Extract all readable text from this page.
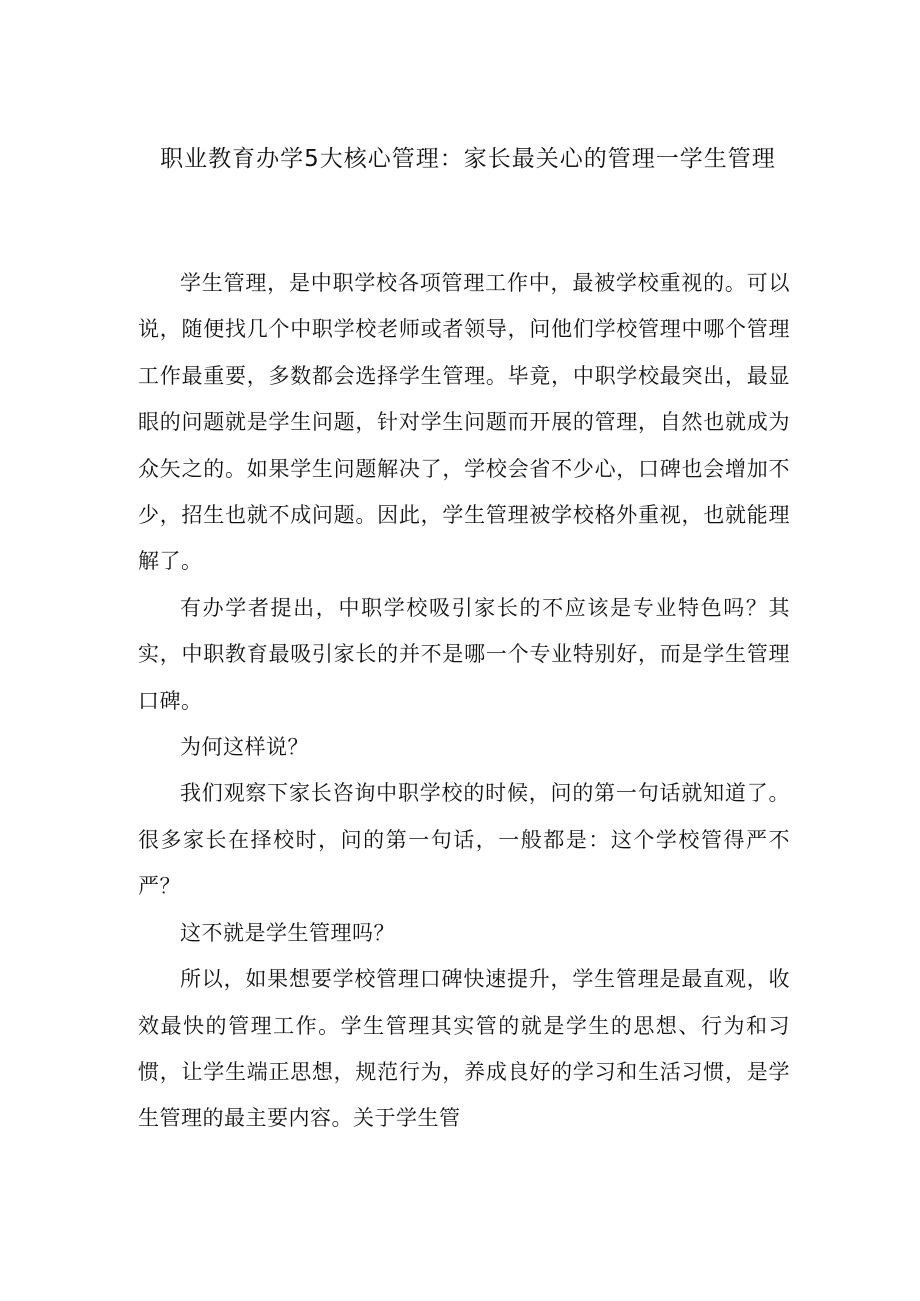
职业教育办学5大核心管理：家长最关心的管理一学生管理

学生管理，是中职学校各项管理工作中，最被学校重视的。可以说，随便找几个中职学校老师或者领导，问他们学校管理中哪个管理工作最重要，多数都会选择学生管理。毕竟，中职学校最突出，最显眼的问题就是学生问题，针对学生问题而开展的管理，自然也就成为众矢之的。如果学生问题解决了，学校会省不少心，口碑也会增加不少，招生也就不成问题。因此，学生管理被学校格外重视，也就能理解了。

有办学者提出，中职学校吸引家长的不应该是专业特色吗？其实，中职教育最吸引家长的并不是哪一个专业特别好，而是学生管理口碑。

为何这样说？

我们观察下家长咨询中职学校的时候，问的第一句话就知道了。很多家长在择校时，问的第一句话，一般都是：这个学校管得严不严？

这不就是学生管理吗？

所以，如果想要学校管理口碑快速提升，学生管理是最直观，收效最快的管理工作。学生管理其实管的就是学生的思想、行为和习惯，让学生端正思想，规范行为，养成良好的学习和生活习惯，是学生管理的最主要内容。关于学生管
